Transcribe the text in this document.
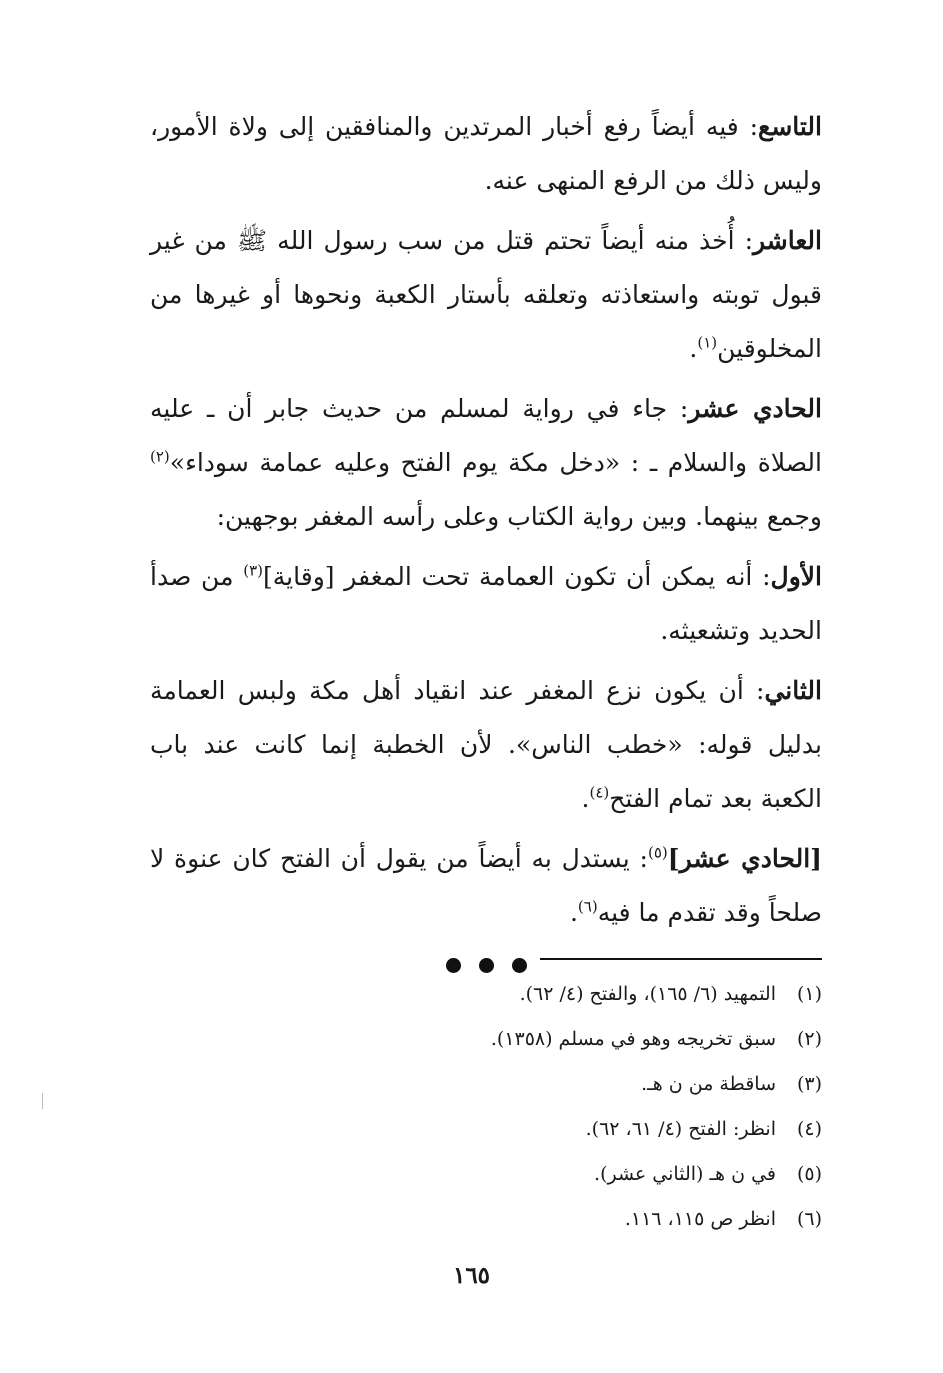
التاسع: فيه أيضاً رفع أخبار المرتدين والمنافقين إلى ولاة الأمور، وليس ذلك من الرفع المنهى عنه.

العاشر: أُخذ منه أيضاً تحتم قتل من سب رسول الله ﷺ من غير قبول توبته واستعاذته وتعلقه بأستار الكعبة ونحوها أو غيرها من المخلوقين$^{(١)}$.

الحادي عشر: جاء في رواية لمسلم من حديث جابر أن ـ عليه الصلاة والسلام ـ : «دخل مكة يوم الفتح وعليه عمامة سوداء»$^{(٢)}$ وجمع بينهما. وبين رواية الكتاب وعلى رأسه المغفر بوجهين:

الأول: أنه يمكن أن تكون العمامة تحت المغفر [وقاية]$^{(٣)}$ من صدأ الحديد وتشعيثه.

الثاني: أن يكون نزع المغفر عند انقياد أهل مكة ولبس العمامة بدليل قوله: «خطب الناس». لأن الخطبة إنما كانت عند باب الكعبة بعد تمام الفتح$^{(٤)}$.

[الحادي عشر]$^{(٥)}$: يستدل به أيضاً من يقول أن الفتح كان عنوة لا صلحاً وقد تقدم ما فيه$^{(٦)}$.

(١)التمهيد (٦/ ١٦٥)، والفتح (٤/ ٦٢).
(٢)سبق تخريجه وهو في مسلم (١٣٥٨).
(٣)ساقطة من ن هـ.
(٤)انظر: الفتح (٤/ ٦١، ٦٢).
(٥)في ن هـ (الثاني عشر).
(٦)انظر ص ١١٥، ١١٦.
١٦٥
